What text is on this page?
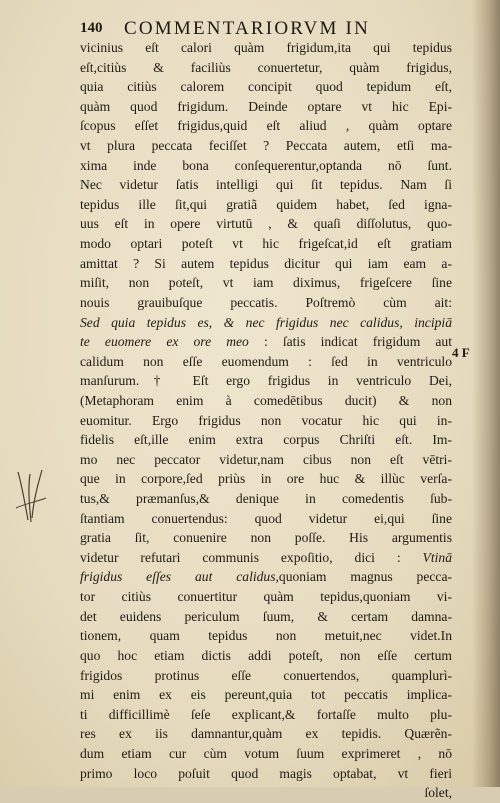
140 COMMENTARIORVM IN
vicinius eſt calori quàm frigidum,ita qui tepidus
eſt,citiùs & faciliùs conuertetur, quàm frigidus,
quia citiùs calorem concipit quod tepidum eſt,
quàm quod frigidum. Deinde optare vt hic Epi-
ſcopus eſſet frigidus,quid eſt aliud , quàm optare
vt plura peccata feciſſet ? Peccata autem, etſi ma-
xima inde bona conſequerentur,optanda nō ſunt.
Nec videtur ſatis intelligi qui ſit tepidus. Nam ſi
tepidus ille ſit,qui gratiã quidem habet, ſed igna-
uus eſt in opere virtutū , & quaſi diſſolutus, quo-
modo optari poteſt vt hic frigeſcat,id eſt gratiam
amittat ? Si autem tepidus dicitur qui iam eam a-
miſit, non poteſt, vt iam diximus, frigeſcere ſine
nouis grauibuſque peccatis. Poſtremò cùm ait:
Sed quia tepidus es, & nec frigidus nec calidus, incipiā
te euomere ex ore meo : ſatis indicat frigidum aut
calidum non eſſe euomendum : ſed in ventriculo
manſurum.† Eſt ergo frigidus in ventriculo Dei,
(Metaphoram enim à comedētibus ducit) & non
euomitur. Ergo frigidus non vocatur hic qui in-
fidelis eſt,ille enim extra corpus Chriſti eſt. Im-
mo nec peccator videtur,nam cibus non eſt vētri-
que in corpore,ſed priùs in ore huc & illùc verſa-
tus,& præmanſus,& denique in comedentis ſub-
ſtantiam conuertendus: quod videtur ei,qui ſine
gratia ſit, conuenire non poſſe. His argumentis
videtur refutari communis expoſitio, dici : Vtinā
frigidus eſſes aut calidus,quoniam magnus pecca-
tor citiùs conuertitur quàm tepidus,quoniam vi-
det euidens periculum ſuum, & certam damna-
tionem, quam tepidus non metuit,nec videt.In
quo hoc etiam dictis addi poteſt, non eſſe certum
frigidos protinus eſſe conuertendos, quamplurì-
mi enim ex eis pereunt,quia tot peccatis implica-
ti difficillimè ſeſe explicant,& fortaſſe multo plu-
res ex iis damnantur,quàm ex tepidis. Quærẽn-
dum etiam cur cùm votum ſuum exprimeret , nō
primo loco poſuit quod magis optabat, vt fieri
ſolet,
4 F
